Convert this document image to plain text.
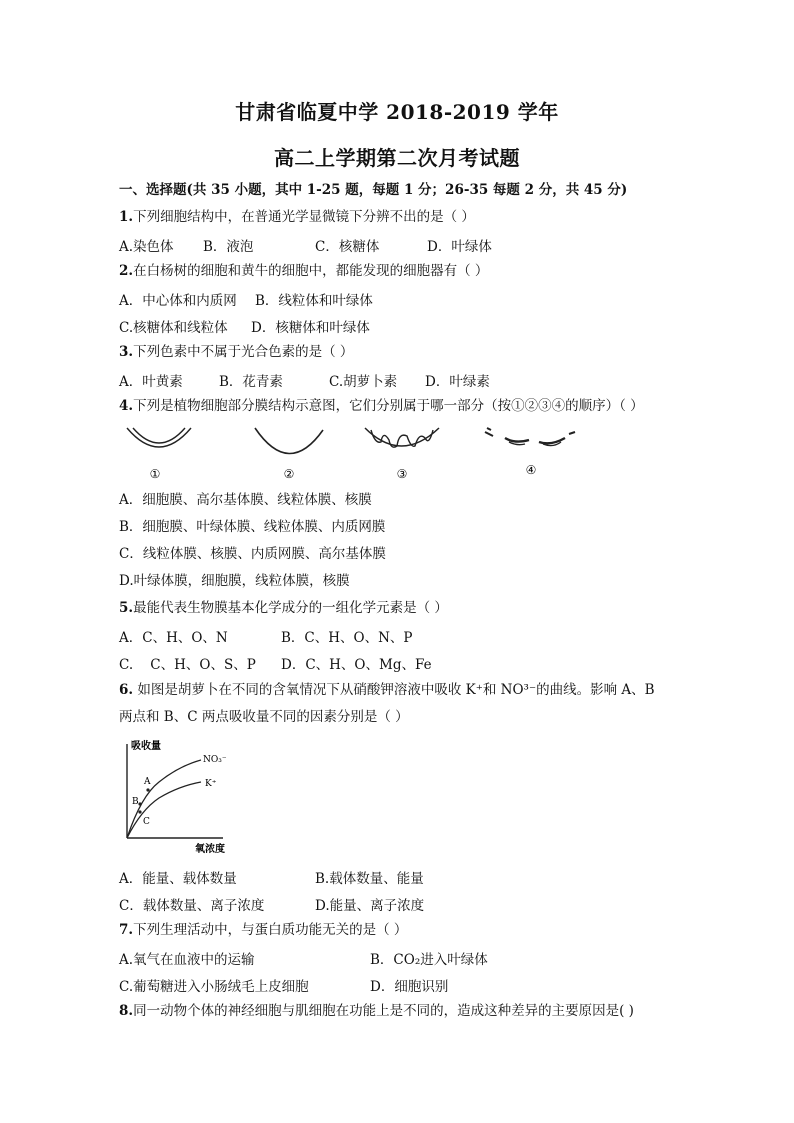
甘肃省临夏中学 2018-2019 学年
高二上学期第二次月考试题
一、选择题(共 35 小题，其中 1-25 题，每题 1 分；26-35 每题 2 分，共 45 分)
1.下列细胞结构中，在普通光学显微镜下分辨不出的是（ ）
A.染色体 B．液泡	C．核糖体	D．叶绿体
2.在白杨树的细胞和黄牛的细胞中，都能发现的细胞器有（ ）
A．中心体和内质网 B．线粒体和叶绿体
C.核糖体和线粒体 D．核糖体和叶绿体
3.下列色素中不属于光合色素的是（ ）
A．叶黄素	B．花青素	C.胡萝卜素 D．叶绿素
4.下列是植物细胞部分膜结构示意图，它们分别属于哪一部分（按①②③④的顺序）（ ）
①	②	③	④
A．细胞膜、高尔基体膜、线粒体膜、核膜
B．细胞膜、叶绿体膜、线粒体膜、内质网膜
C．线粒体膜、核膜、内质网膜、高尔基体膜
D.叶绿体膜，细胞膜，线粒体膜，核膜
5.最能代表生物膜基本化学成分的一组化学元素是（ ）
A．C、H、O、N	B．C、H、O、N、P
C.    C、H、O、S、P D．C、H、O、Mg、Fe
6. 如图是胡萝卜在不同的含氧情况下从硝酸钾溶液中吸收 K⁺和 NO³⁻的曲线。影响 A、B
两点和 B、C 两点吸收量不同的因素分别是（ ）
吸收量
氧浓度
NO₃⁻
K⁺
A
B
C
A．能量、载体数量	B.载体数量、能量
C．载体数量、离子浓度	D.能量、离子浓度
7.下列生理活动中，与蛋白质功能无关的是（ ）
A.氧气在血液中的运输	B．CO₂进入叶绿体
C.葡萄糖进入小肠绒毛上皮细胞	D．细胞识别
8.同一动物个体的神经细胞与肌细胞在功能上是不同的，造成这种差异的主要原因是( )
